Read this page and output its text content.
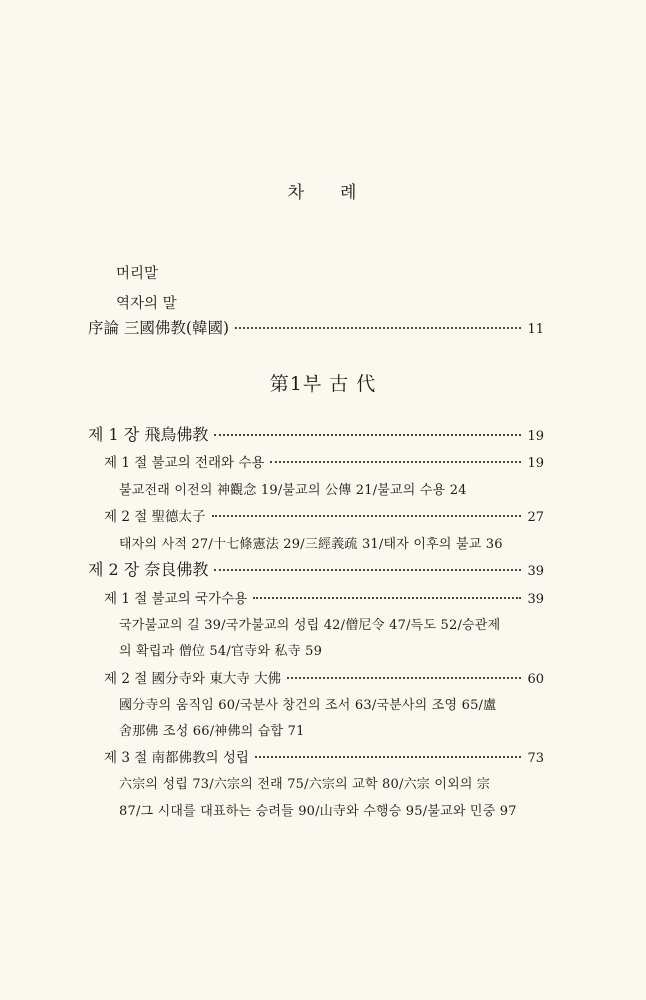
차 례
머리말
역자의 말
序論 三國佛教(韓國)	11
第1부 古 代
제 1 장 飛鳥佛教	19
제 1 절 불교의 전래와 수용	19
불교전래 이전의 神觀念 19/불교의 公傳 21/불교의 수용 24
제 2 절 聖德太子	27
태자의 사적 27/十七條憲法 29/三經義疏 31/태자 이후의 불교 36
제 2 장 奈良佛教	39
제 1 절 불교의 국가수용	39
국가불교의 길 39/국가불교의 성립 42/僧尼令 47/득도 52/승관제
의 확립과 僧位 54/官寺와 私寺 59
제 2 절 國分寺와 東大寺 大佛	60
國分寺의 움직임 60/국분사 창건의 조서 63/국분사의 조영 65/盧
舍那佛 조성 66/神佛의 습합 71
제 3 절 南都佛教의 성립	73
六宗의 성립 73/六宗의 전래 75/六宗의 교학 80/六宗 이외의 宗
87/그 시대를 대표하는 승려들 90/山寺와 수행승 95/불교와 민중 97
